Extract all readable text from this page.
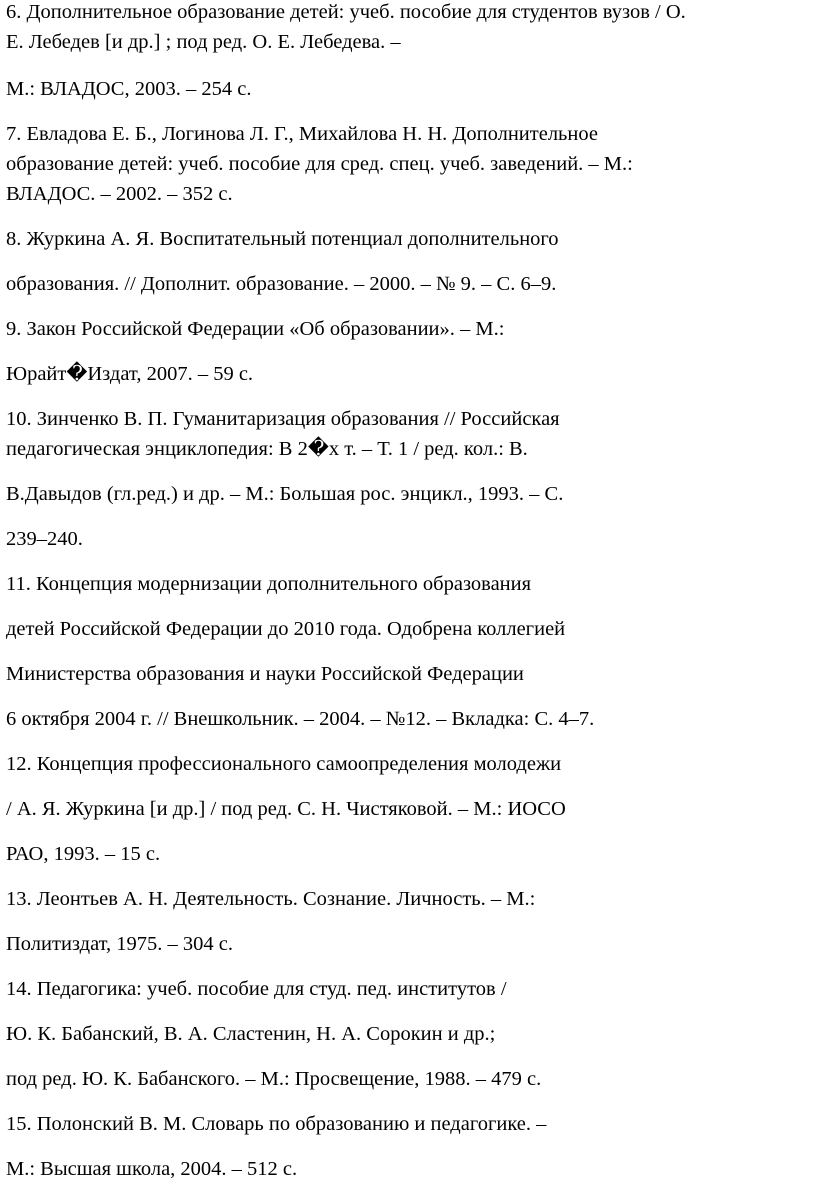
6. Дополнительное образование детей: учеб. пособие для студентов вузов / О.
Е. Лебедев [и др.] ; под ред. О. Е. Лебедева. –
М.: ВЛАДОС, 2003. – 254 с.
7. Евладова Е. Б., Логинова Л. Г., Михайлова Н. Н. Дополнительное
образование детей: учеб. пособие для сред. спец. учеб. заведений. – М.:
ВЛАДОС. – 2002. – 352 с.
8. Журкина А. Я. Воспитательный потенциал дополнительного
образования. // Дополнит. образование. – 2000. – № 9. – С. 6–9.
9. Закон Российской Федерации «Об образовании». – М.:
Юрайт�Издат, 2007. – 59 с.
10. Зинченко В. П. Гуманитаризация образования // Российская
педагогическая энциклопедия: В 2�х т. – Т. 1 / ред. кол.: В.
В.Давыдов (гл.ред.) и др. – М.: Большая рос. энцикл., 1993. – С.
239–240.
11. Концепция модернизации дополнительного образования
детей Российской Федерации до 2010 года. Одобрена коллегией
Министерства образования и науки Российской Федерации
6 октября 2004 г. // Внешкольник. – 2004. – №12. – Вкладка: С. 4–7.
12. Концепция профессионального самоопределения молодежи
/ А. Я. Журкина [и др.] / под ред. С. Н. Чистяковой. – М.: ИОСО
РАО, 1993. – 15 с.
13. Леонтьев А. Н. Деятельность. Сознание. Личность. – М.:
Политиздат, 1975. – 304 с.
14. Педагогика: учеб. пособие для студ. пед. институтов /
Ю. К. Бабанский, В. А. Сластенин, Н. А. Сорокин и др.;
под ред. Ю. К. Бабанского. – М.: Просвещение, 1988. – 479 с.
15. Полонский В. М. Словарь по образованию и педагогике. –
М.: Высшая школа, 2004. – 512 с.
